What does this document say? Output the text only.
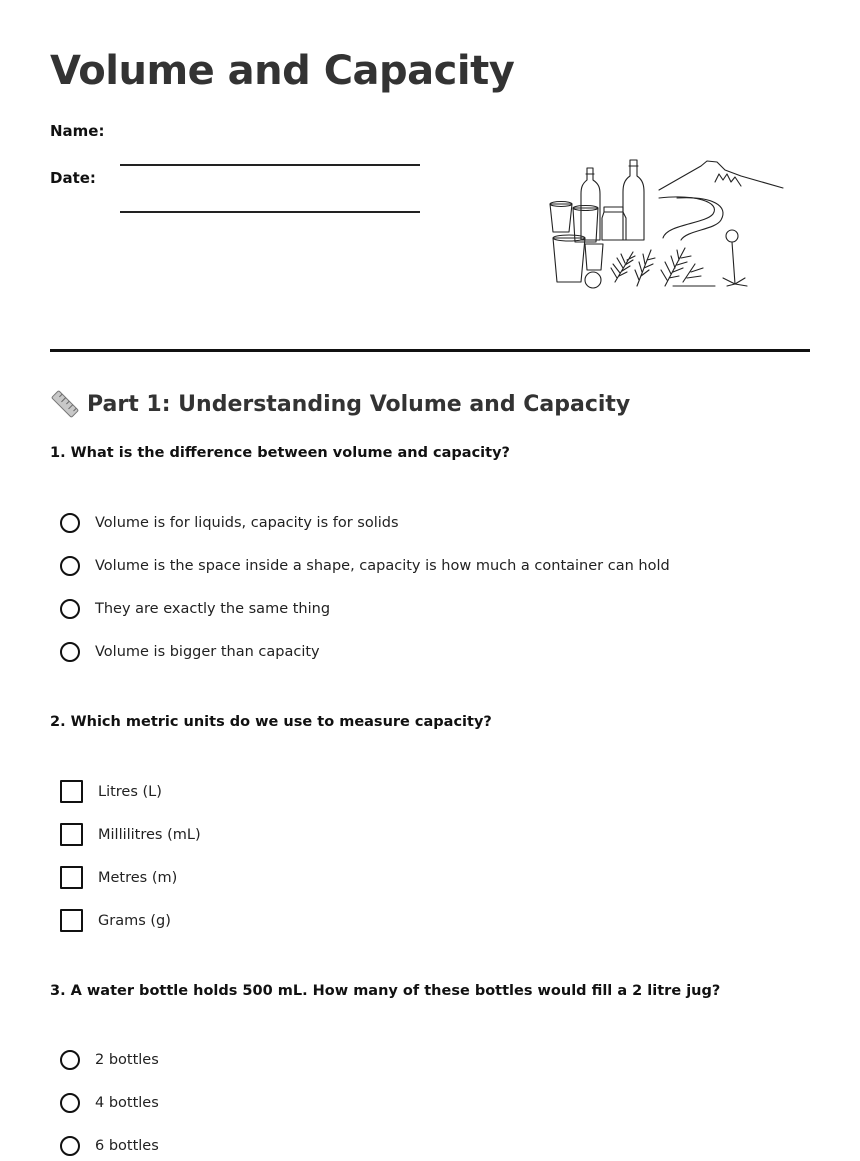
Volume and Capacity
Name:
Date:
Part 1: Understanding Volume and Capacity

1. What is the difference between volume and capacity?

Volume is for liquids, capacity is for solids
Volume is the space inside a shape, capacity is how much a container can hold
They are exactly the same thing
Volume is bigger than capacity

2. Which metric units do we use to measure capacity?

Litres (L)
Millilitres (mL)
Metres (m)
Grams (g)

3. A water bottle holds 500 mL. How many of these bottles would fill a 2 litre jug?

2 bottles
4 bottles
6 bottles
